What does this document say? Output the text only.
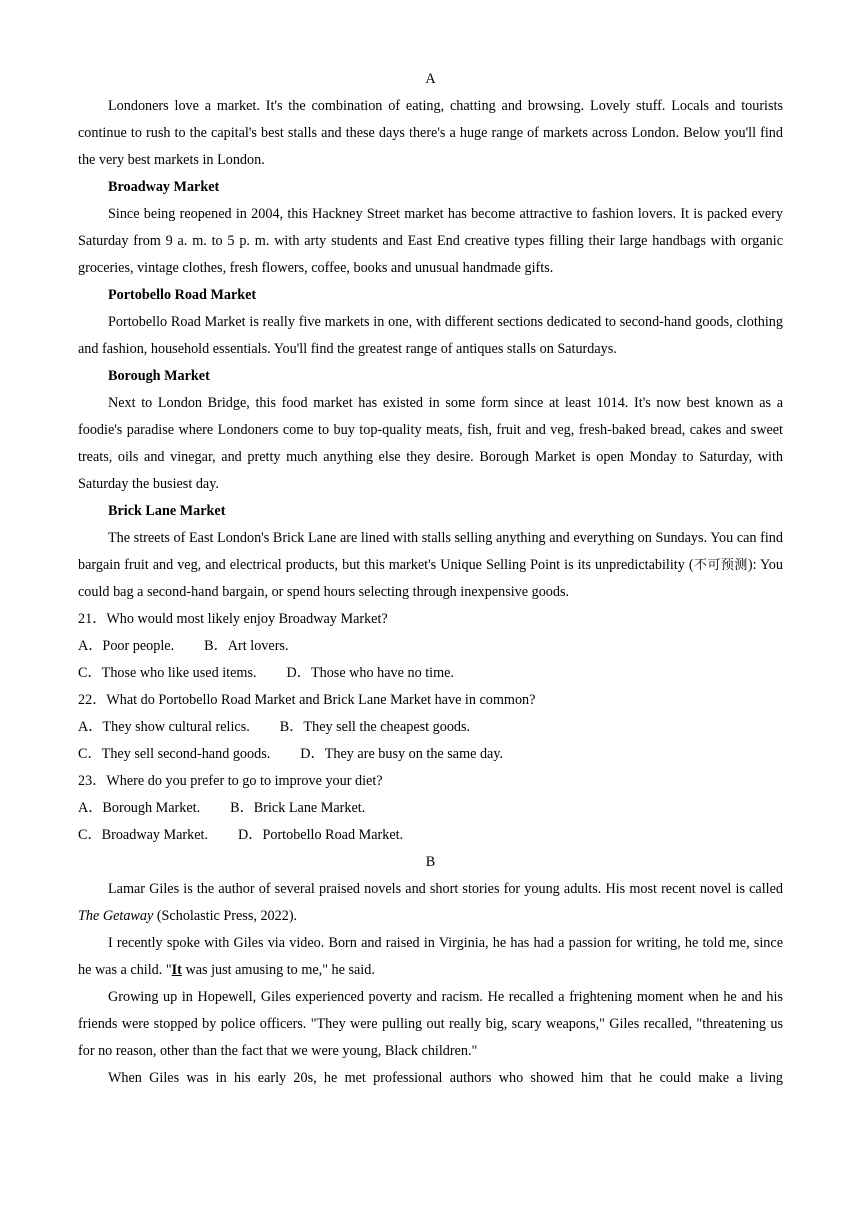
A

Londoners love a market. It's the combination of eating, chatting and browsing. Lovely stuff. Locals and tourists continue to rush to the capital's best stalls and these days there's a huge range of markets across London. Below you'll find the very best markets in London.

Broadway Market

Since being reopened in 2004, this Hackney Street market has become attractive to fashion lovers. It is packed every Saturday from 9 a. m. to 5 p. m. with arty students and East End creative types filling their large handbags with organic groceries, vintage clothes, fresh flowers, coffee, books and unusual handmade gifts.

Portobello Road Market

Portobello Road Market is really five markets in one, with different sections dedicated to second-hand goods, clothing and fashion, household essentials. You'll find the greatest range of antiques stalls on Saturdays.

Borough Market

Next to London Bridge, this food market has existed in some form since at least 1014. It's now best known as a foodie's paradise where Londoners come to buy top-quality meats, fish, fruit and veg, fresh-baked bread, cakes and sweet treats, oils and vinegar, and pretty much anything else they desire. Borough Market is open Monday to Saturday, with Saturday the busiest day.

Brick Lane Market

The streets of East London's Brick Lane are lined with stalls selling anything and everything on Sundays. You can find bargain fruit and veg, and electrical products, but this market's Unique Selling Point is its unpredictability (不可预测): You could bag a second-hand bargain, or spend hours selecting through inexpensive goods.

21．Who would most likely enjoy Broadway Market?
A．Poor people. B．Art lovers.
C．Those who like used items. D．Those who have no time.
22．What do Portobello Road Market and Brick Lane Market have in common?
A．They show cultural relics. B．They sell the cheapest goods.
C．They sell second-hand goods. D．They are busy on the same day.
23．Where do you prefer to go to improve your diet?
A．Borough Market. B．Brick Lane Market.
C．Broadway Market. D．Portobello Road Market.
B

Lamar Giles is the author of several praised novels and short stories for young adults. His most recent novel is called The Getaway (Scholastic Press, 2022).

I recently spoke with Giles via video. Born and raised in Virginia, he has had a passion for writing, he told me, since he was a child. "It was just amusing to me," he said.

Growing up in Hopewell, Giles experienced poverty and racism. He recalled a frightening moment when he and his friends were stopped by police officers. "They were pulling out really big, scary weapons," Giles recalled, "threatening us for no reason, other than the fact that we were young, Black children."

When Giles was in his early 20s, he met professional authors who showed him that he could make a living
